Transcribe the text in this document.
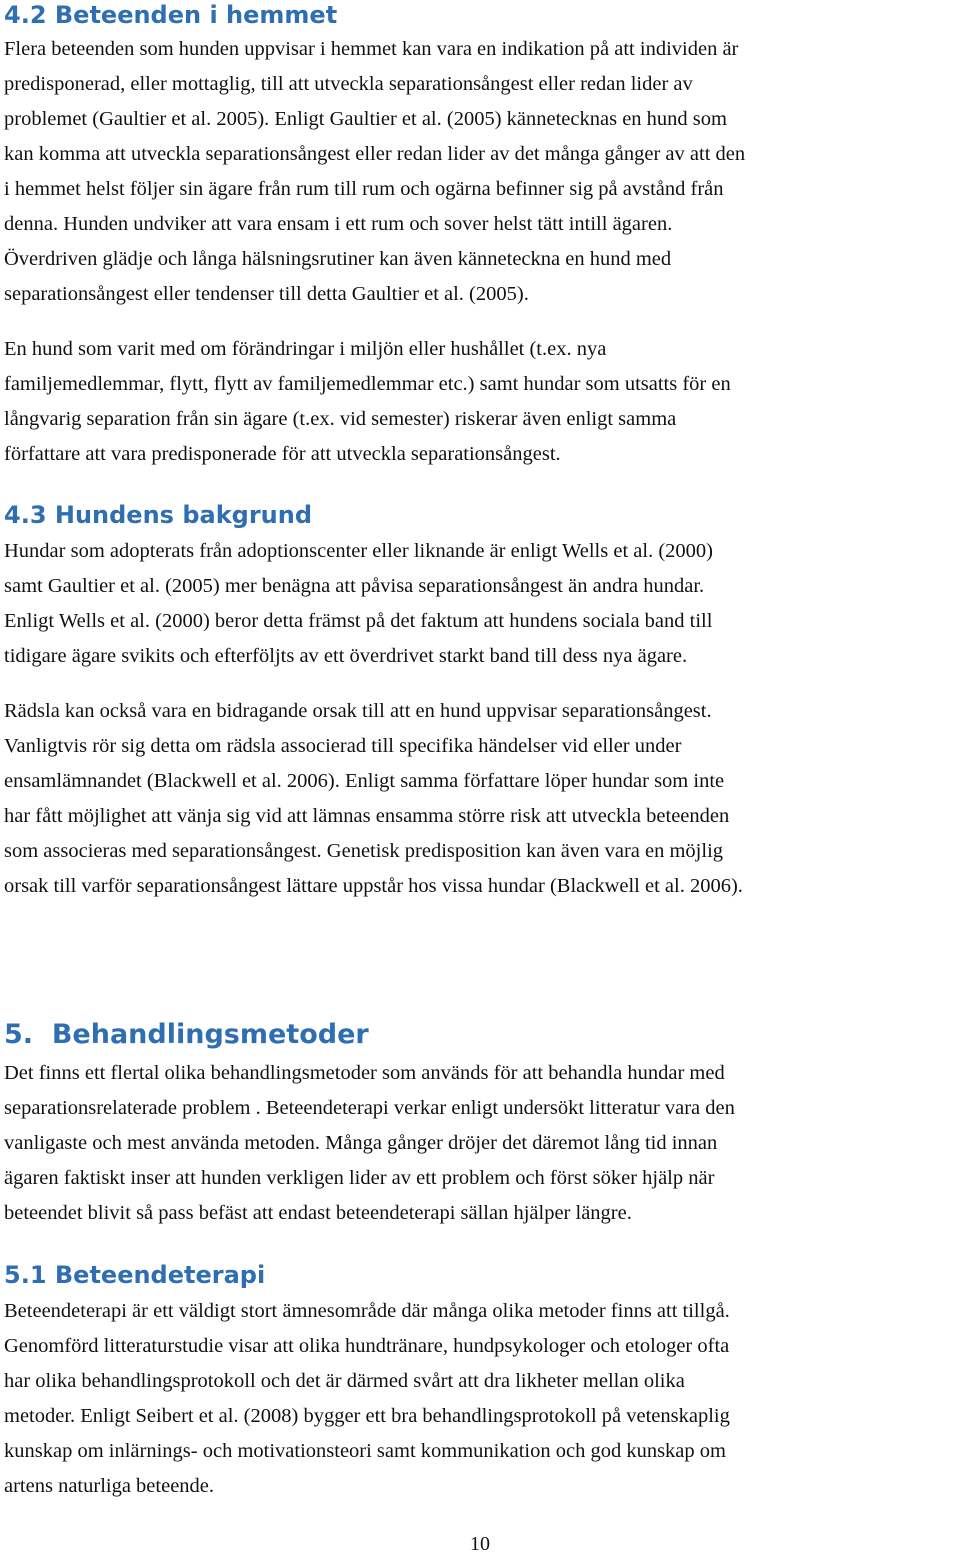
4.2 Beteenden i hemmet

Flera beteenden som hunden uppvisar i hemmet kan vara en indikation på att individen är
predisponerad, eller mottaglig, till att utveckla separationsångest eller redan lider av
problemet (Gaultier et al. 2005). Enligt Gaultier et al. (2005) kännetecknas en hund som
kan komma att utveckla separationsångest eller redan lider av det många gånger av att den
i hemmet helst följer sin ägare från rum till rum och ogärna befinner sig på avstånd från
denna. Hunden undviker att vara ensam i ett rum och sover helst tätt intill ägaren.
Överdriven glädje och långa hälsningsrutiner kan även känneteckna en hund med
separationsångest eller tendenser till detta Gaultier et al. (2005).

En hund som varit med om förändringar i miljön eller hushållet (t.ex. nya
familjemedlemmar, flytt, flytt av familjemedlemmar etc.) samt hundar som utsatts för en
långvarig separation från sin ägare (t.ex. vid semester) riskerar även enligt samma
författare att vara predisponerade för att utveckla separationsångest.

4.3 Hundens bakgrund

Hundar som adopterats från adoptionscenter eller liknande är enligt Wells et al. (2000)
samt Gaultier et al. (2005) mer benägna att påvisa separationsångest än andra hundar.
Enligt Wells et al. (2000) beror detta främst på det faktum att hundens sociala band till
tidigare ägare svikits och efterföljts av ett överdrivet starkt band till dess nya ägare.

Rädsla kan också vara en bidragande orsak till att en hund uppvisar separationsångest.
Vanligtvis rör sig detta om rädsla associerad till specifika händelser vid eller under
ensamlämnandet (Blackwell et al. 2006). Enligt samma författare löper hundar som inte
har fått möjlighet att vänja sig vid att lämnas ensamma större risk att utveckla beteenden
som associeras med separationsångest. Genetisk predisposition kan även vara en möjlig
orsak till varför separationsångest lättare uppstår hos vissa hundar (Blackwell et al. 2006).

5.  Behandlingsmetoder

Det finns ett flertal olika behandlingsmetoder som används för att behandla hundar med
separationsrelaterade problem . Beteendeterapi verkar enligt undersökt litteratur vara den
vanligaste och mest använda metoden. Många gånger dröjer det däremot lång tid innan
ägaren faktiskt inser att hunden verkligen lider av ett problem och först söker hjälp när
beteendet blivit så pass befäst att endast beteendeterapi sällan hjälper längre.

5.1 Beteendeterapi

Beteendeterapi är ett väldigt stort ämnesområde där många olika metoder finns att tillgå.
Genomförd litteraturstudie visar att olika hundtränare, hundpsykologer och etologer ofta
har olika behandlingsprotokoll och det är därmed svårt att dra likheter mellan olika
metoder. Enligt Seibert et al. (2008) bygger ett bra behandlingsprotokoll på vetenskaplig
kunskap om inlärnings- och motivationsteori samt kommunikation och god kunskap om
artens naturliga beteende.

10
